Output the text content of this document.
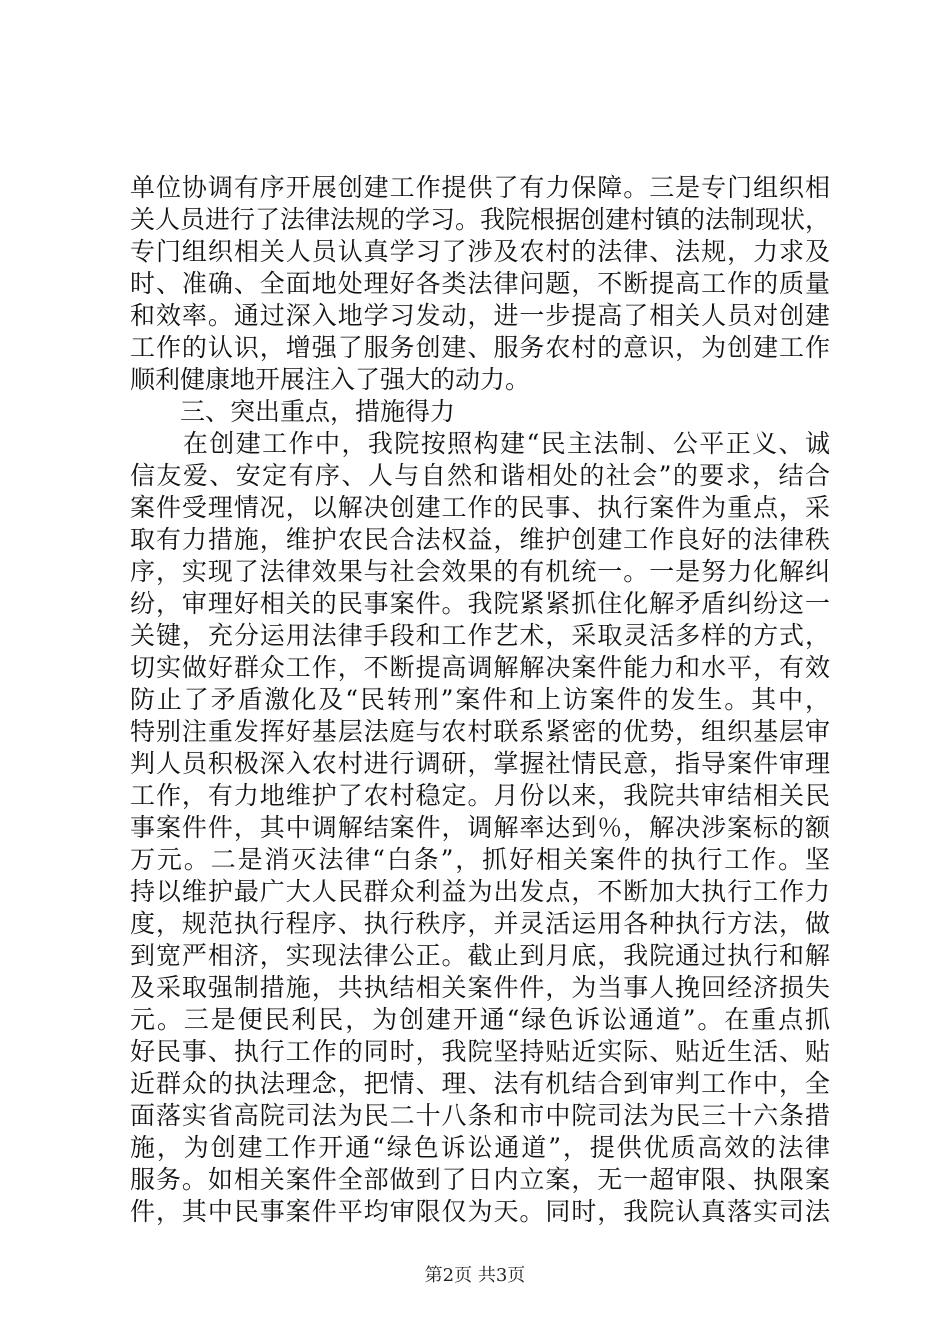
单位协调有序开展创建工作提供了有力保障。三是专门组织相
关人员进行了法律法规的学习。我院根据创建村镇的法制现状，
专门组织相关人员认真学习了涉及农村的法律、法规，力求及
时、准确、全面地处理好各类法律问题，不断提高工作的质量
和效率。通过深入地学习发动，进一步提高了相关人员对创建
工作的认识，增强了服务创建、服务农村的意识，为创建工作
顺利健康地开展注入了强大的动力。
三、突出重点，措施得力
　　在创建工作中，我院按照构建“民主法制、公平正义、诚
信友爱、安定有序、人与自然和谐相处的社会”的要求，结合
案件受理情况，以解决创建工作的民事、执行案件为重点，采
取有力措施，维护农民合法权益，维护创建工作良好的法律秩
序，实现了法律效果与社会效果的有机统一。一是努力化解纠
纷，审理好相关的民事案件。我院紧紧抓住化解矛盾纠纷这一
关键，充分运用法律手段和工作艺术，采取灵活多样的方式，
切实做好群众工作，不断提高调解解决案件能力和水平，有效
防止了矛盾激化及“民转刑”案件和上访案件的发生。其中，
特别注重发挥好基层法庭与农村联系紧密的优势，组织基层审
判人员积极深入农村进行调研，掌握社情民意，指导案件审理
工作，有力地维护了农村稳定。月份以来，我院共审结相关民
事案件件，其中调解结案件，调解率达到％，解决涉案标的额
万元。二是消灭法律“白条”，抓好相关案件的执行工作。坚
持以维护最广大人民群众利益为出发点，不断加大执行工作力
度，规范执行程序、执行秩序，并灵活运用各种执行方法，做
到宽严相济，实现法律公正。截止到月底，我院通过执行和解
及采取强制措施，共执结相关案件件，为当事人挽回经济损失
元。三是便民利民，为创建开通“绿色诉讼通道”。在重点抓
好民事、执行工作的同时，我院坚持贴近实际、贴近生活、贴
近群众的执法理念，把情、理、法有机结合到审判工作中，全
面落实省高院司法为民二十八条和市中院司法为民三十六条措
施，为创建工作开通“绿色诉讼通道”，提供优质高效的法律
服务。如相关案件全部做到了日内立案，无一超审限、执限案
件，其中民事案件平均审限仅为天。同时，我院认真落实司法
第2页 共3页
